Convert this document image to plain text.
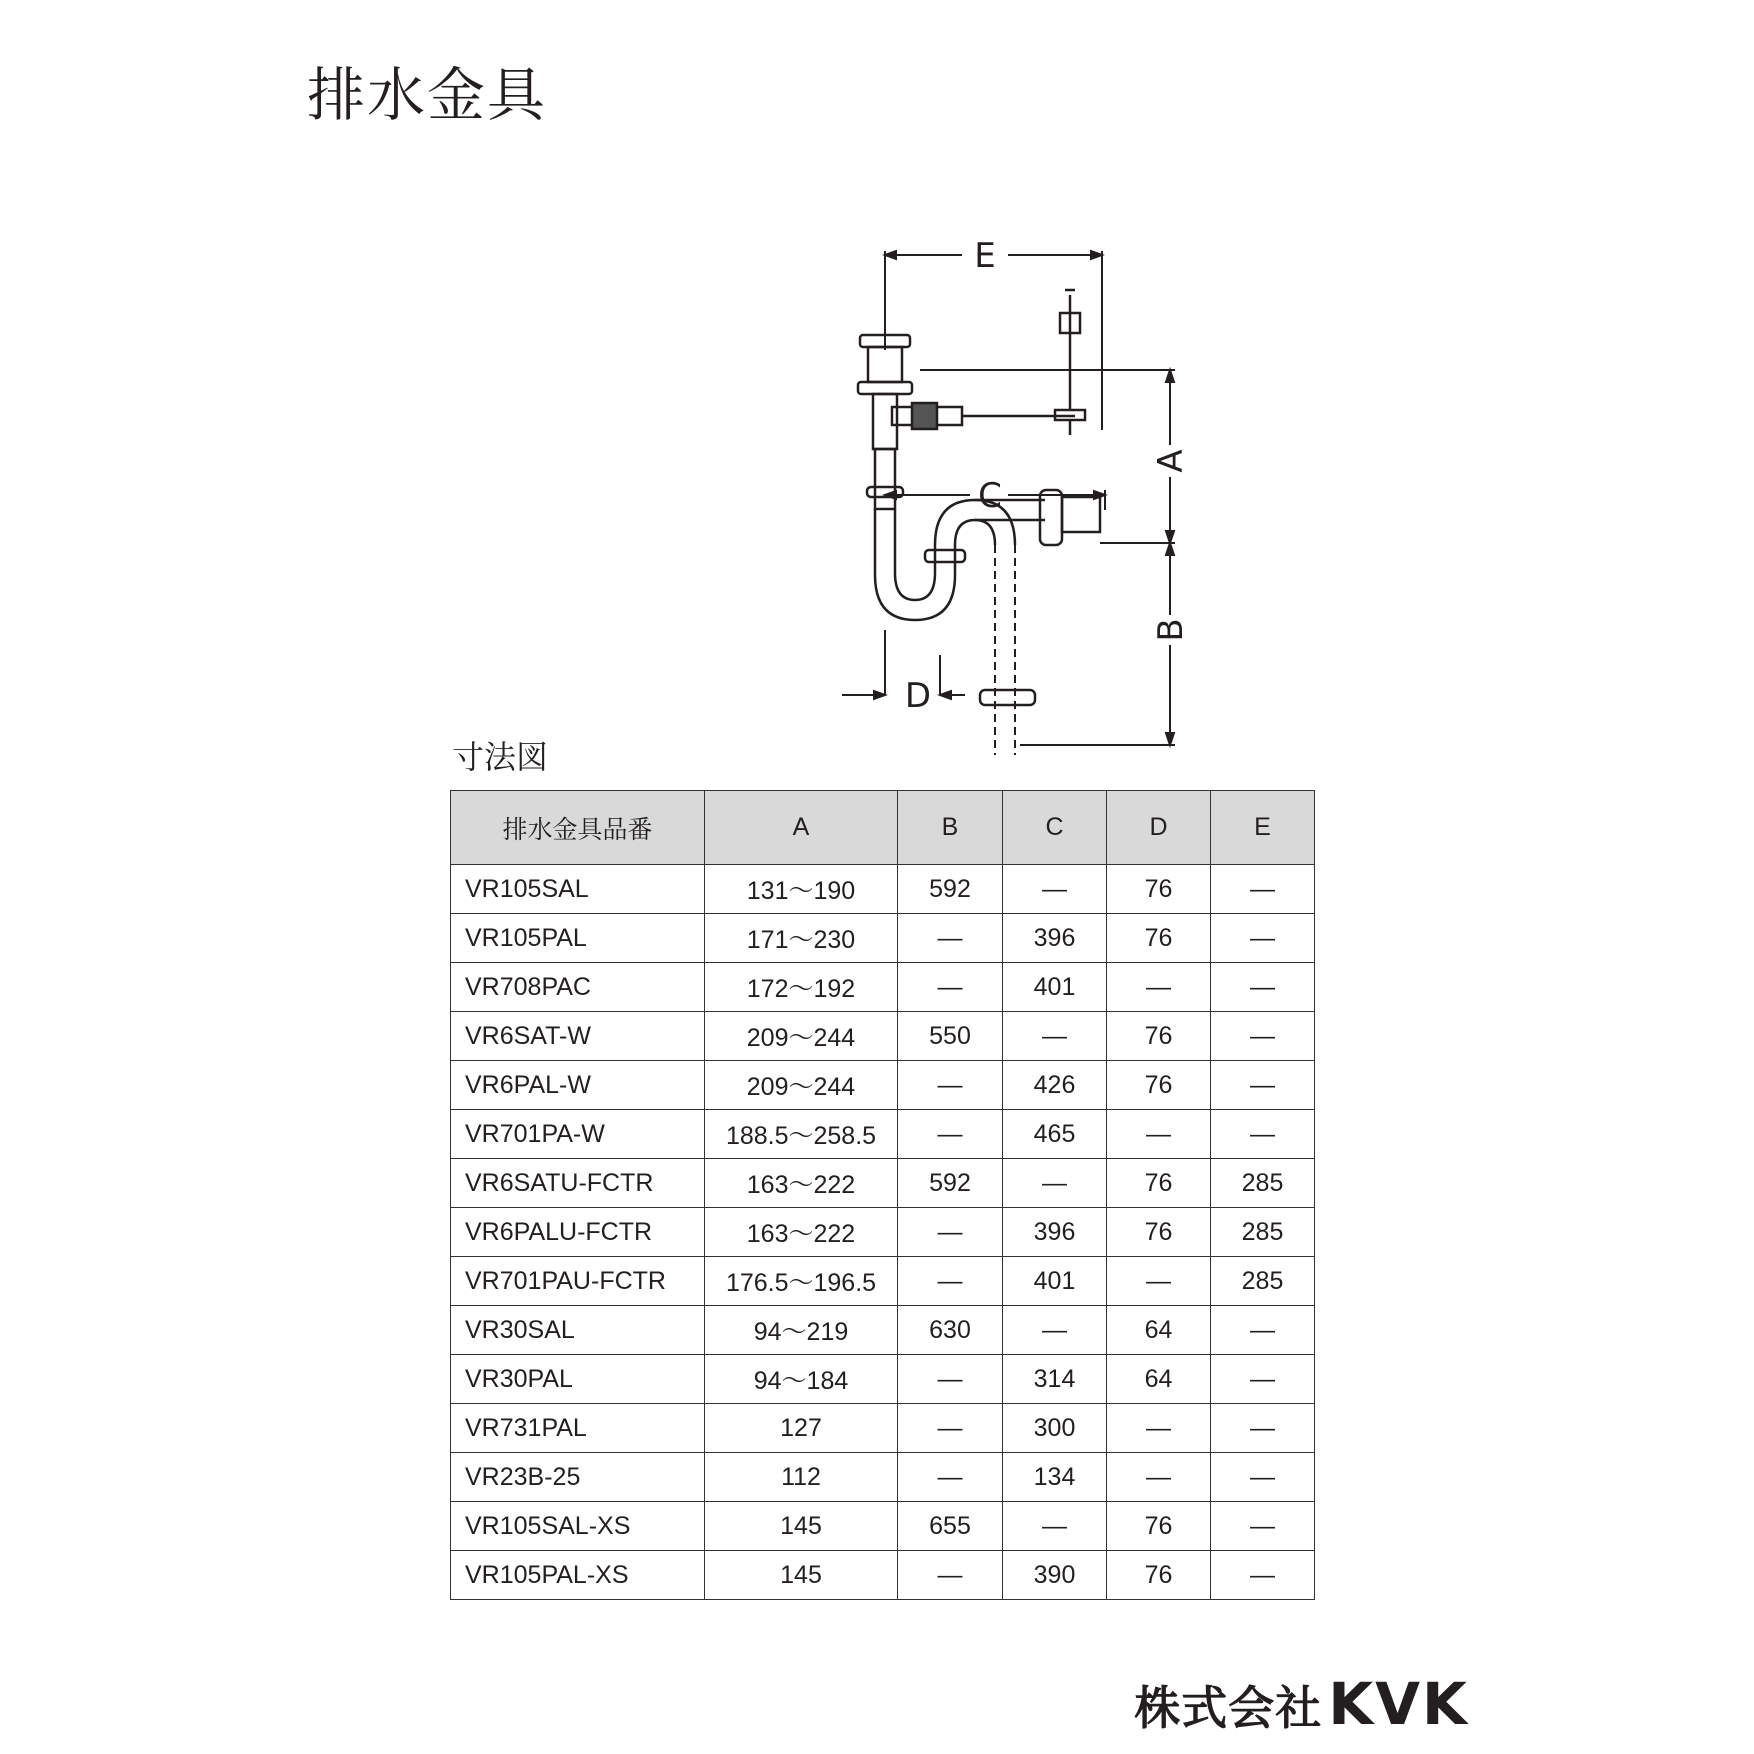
排水金具
E
C
D
A
B
寸法図
排水金具品番	A	B	C	D	E
VR105SAL	131～190	592	—	76	—
VR105PAL	171～230	—	396	76	—
VR708PAC	172～192	—	401	—	—
VR6SAT-W	209～244	550	—	76	—
VR6PAL-W	209～244	—	426	76	—
VR701PA-W	188.5～258.5	—	465	—	—
VR6SATU-FCTR	163～222	592	—	76	285
VR6PALU-FCTR	163～222	—	396	76	285
VR701PAU-FCTR	176.5～196.5	—	401	—	285
VR30SAL	94～219	630	—	64	—
VR30PAL	94～184	—	314	64	—
VR731PAL	127	—	300	—	—
VR23B-25	112	—	134	—	—
VR105SAL-XS	145	655	—	76	—
VR105PAL-XS	145	—	390	76	—
株式会社 KVK
